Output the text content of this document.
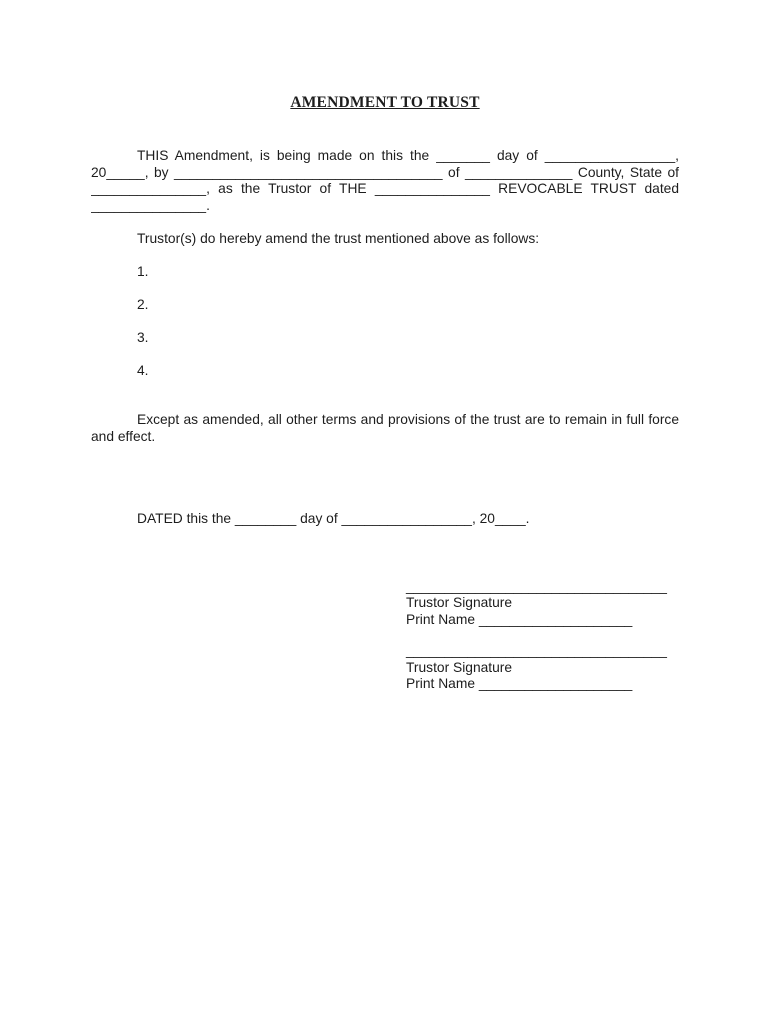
AMENDMENT TO TRUST
THIS Amendment, is being made on this the _______ day of _________________,
20_____, by ___________________________________ of ______________ County, State of
_______________, as the Trustor of THE _______________ REVOCABLE TRUST dated
_______________.
Trustor(s) do hereby amend the trust mentioned above as follows:
1.
2.
3.
4.
Except as amended, all other terms and provisions of the trust are to remain in full force
and effect.
DATED this the ________ day of _________________, 20____.
__________________________________
Trustor Signature
Print Name ____________________
__________________________________
Trustor Signature
Print Name ____________________
